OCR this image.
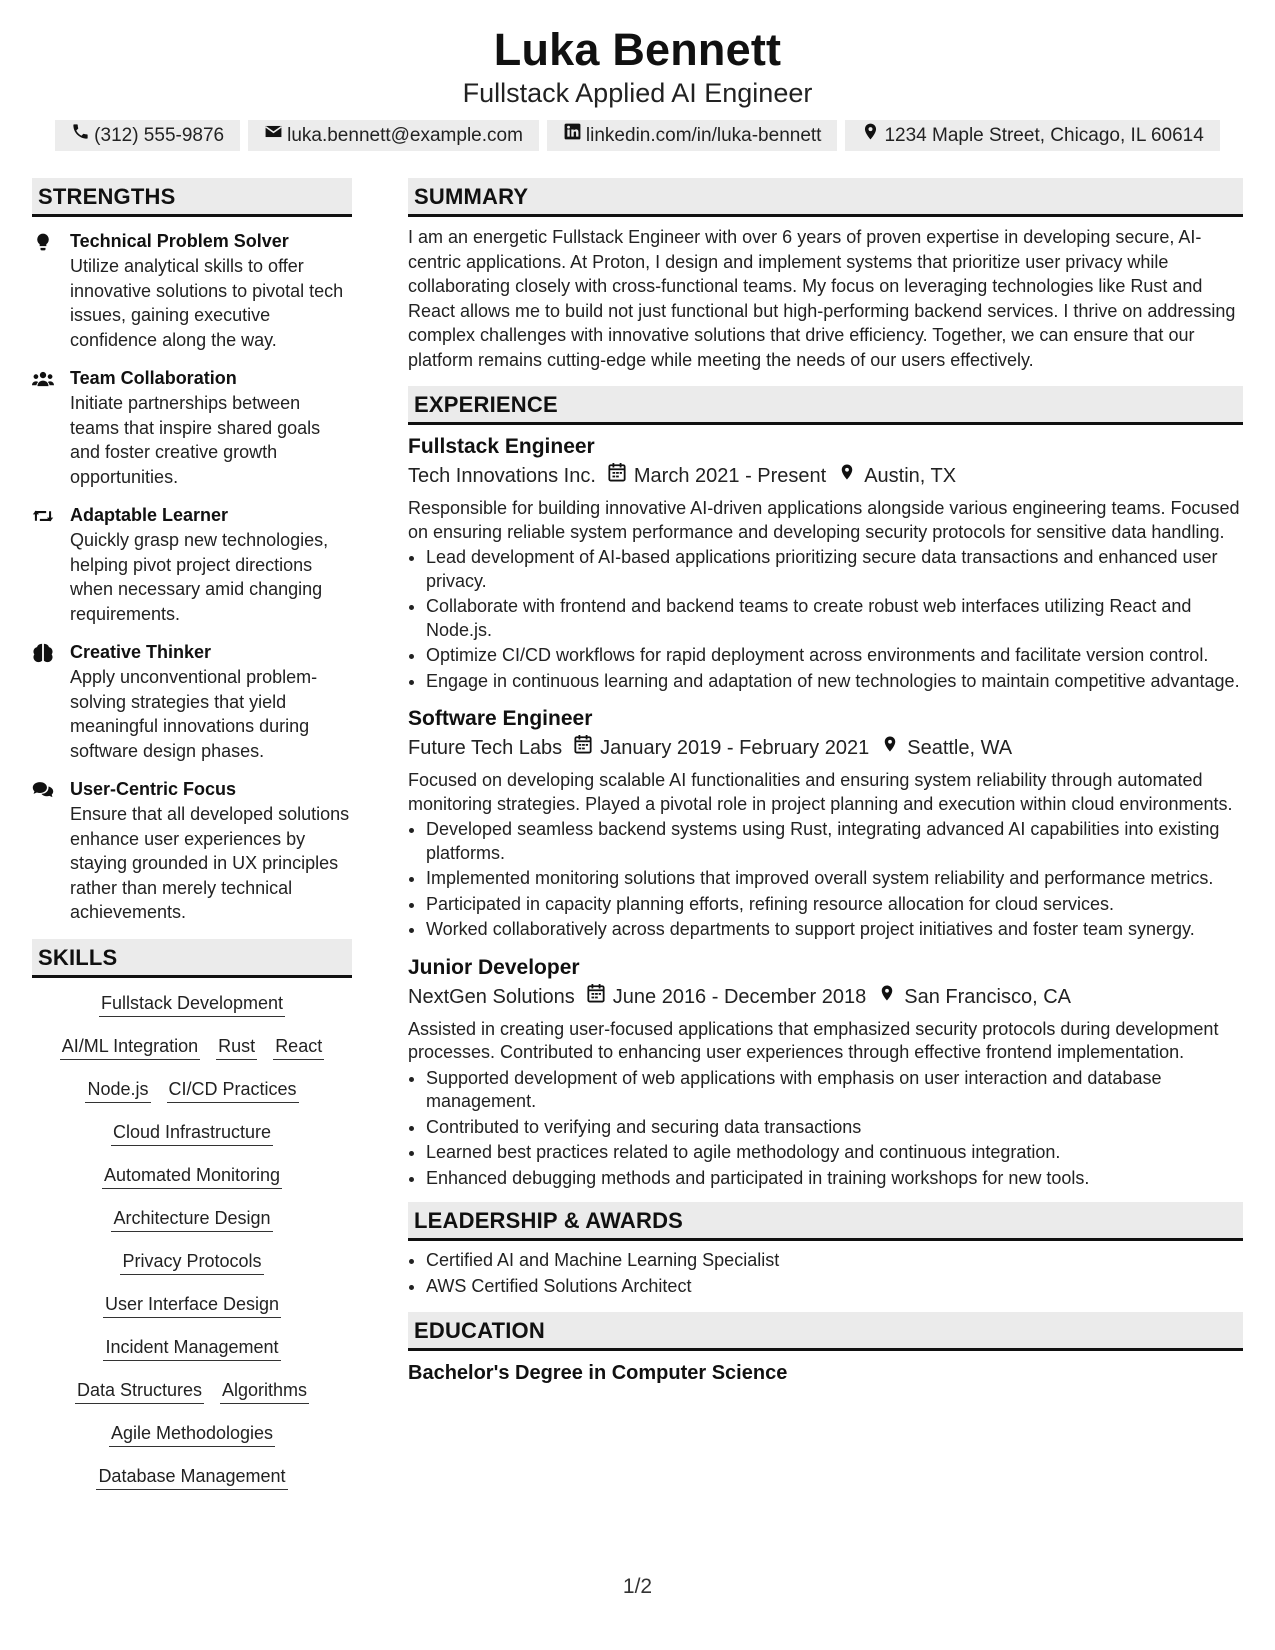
Luka Bennett
Fullstack Applied AI Engineer
(312) 555-9876	luka.bennett@example.com	linkedin.com/in/luka-bennett	1234 Maple Street, Chicago, IL 60614
STRENGTHS
Technical Problem Solver
Utilize analytical skills to offer innovative solutions to pivotal tech issues, gaining executive confidence along the way.
Team Collaboration
Initiate partnerships between teams that inspire shared goals and foster creative growth opportunities.
Adaptable Learner
Quickly grasp new technologies, helping pivot project directions when necessary amid changing requirements.
Creative Thinker
Apply unconventional problem-solving strategies that yield meaningful innovations during software design phases.
User-Centric Focus
Ensure that all developed solutions enhance user experiences by staying grounded in UX principles rather than merely technical achievements.
SKILLS
Fullstack Development
AI/ML Integration Rust React
Node.js CI/CD Practices
Cloud Infrastructure
Automated Monitoring
Architecture Design
Privacy Protocols
User Interface Design
Incident Management
Data Structures Algorithms
Agile Methodologies
Database Management
SUMMARY

I am an energetic Fullstack Engineer with over 6 years of proven expertise in developing secure, AI-centric applications. At Proton, I design and implement systems that prioritize user privacy while collaborating closely with cross-functional teams. My focus on leveraging technologies like Rust and React allows me to build not just functional but high-performing backend services. I thrive on addressing complex challenges with innovative solutions that drive efficiency. Together, we can ensure that our platform remains cutting-edge while meeting the needs of our users effectively.

EXPERIENCE
Fullstack Engineer
Tech Innovations Inc. March 2021 - Present Austin, TX

Responsible for building innovative AI-driven applications alongside various engineering teams. Focused on ensuring reliable system performance and developing security protocols for sensitive data handling.

• Lead development of AI-based applications prioritizing secure data transactions and enhanced user privacy.
• Collaborate with frontend and backend teams to create robust web interfaces utilizing React and Node.js.
• Optimize CI/CD workflows for rapid deployment across environments and facilitate version control.
• Engage in continuous learning and adaptation of new technologies to maintain competitive advantage.
Software Engineer
Future Tech Labs January 2019 - February 2021 Seattle, WA

Focused on developing scalable AI functionalities and ensuring system reliability through automated monitoring strategies. Played a pivotal role in project planning and execution within cloud environments.

• Developed seamless backend systems using Rust, integrating advanced AI capabilities into existing platforms.
• Implemented monitoring solutions that improved overall system reliability and performance metrics.
• Participated in capacity planning efforts, refining resource allocation for cloud services.
• Worked collaboratively across departments to support project initiatives and foster team synergy.
Junior Developer
NextGen Solutions June 2016 - December 2018 San Francisco, CA

Assisted in creating user-focused applications that emphasized security protocols during development processes. Contributed to enhancing user experiences through effective frontend implementation.

• Supported development of web applications with emphasis on user interaction and database management.
• Contributed to verifying and securing data transactions
• Learned best practices related to agile methodology and continuous integration.
• Enhanced debugging methods and participated in training workshops for new tools.
LEADERSHIP & AWARDS
• Certified AI and Machine Learning Specialist
• AWS Certified Solutions Architect
EDUCATION
Bachelor's Degree in Computer Science
1/2
